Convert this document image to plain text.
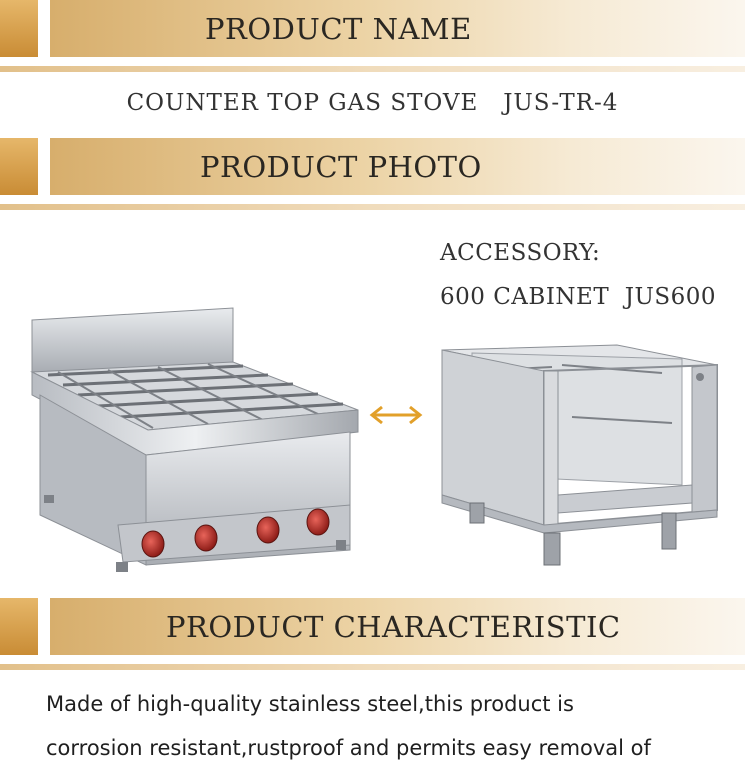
PRODUCT NAME
COUNTER TOP GAS STOVE   JUS-TR-4
PRODUCT PHOTO
ACCESSORY:
600 CABINET  JUS600
PRODUCT CHARACTERISTIC
Made of high-quality stainless steel,this product is
corrosion resistant,rustproof and permits easy removal of
